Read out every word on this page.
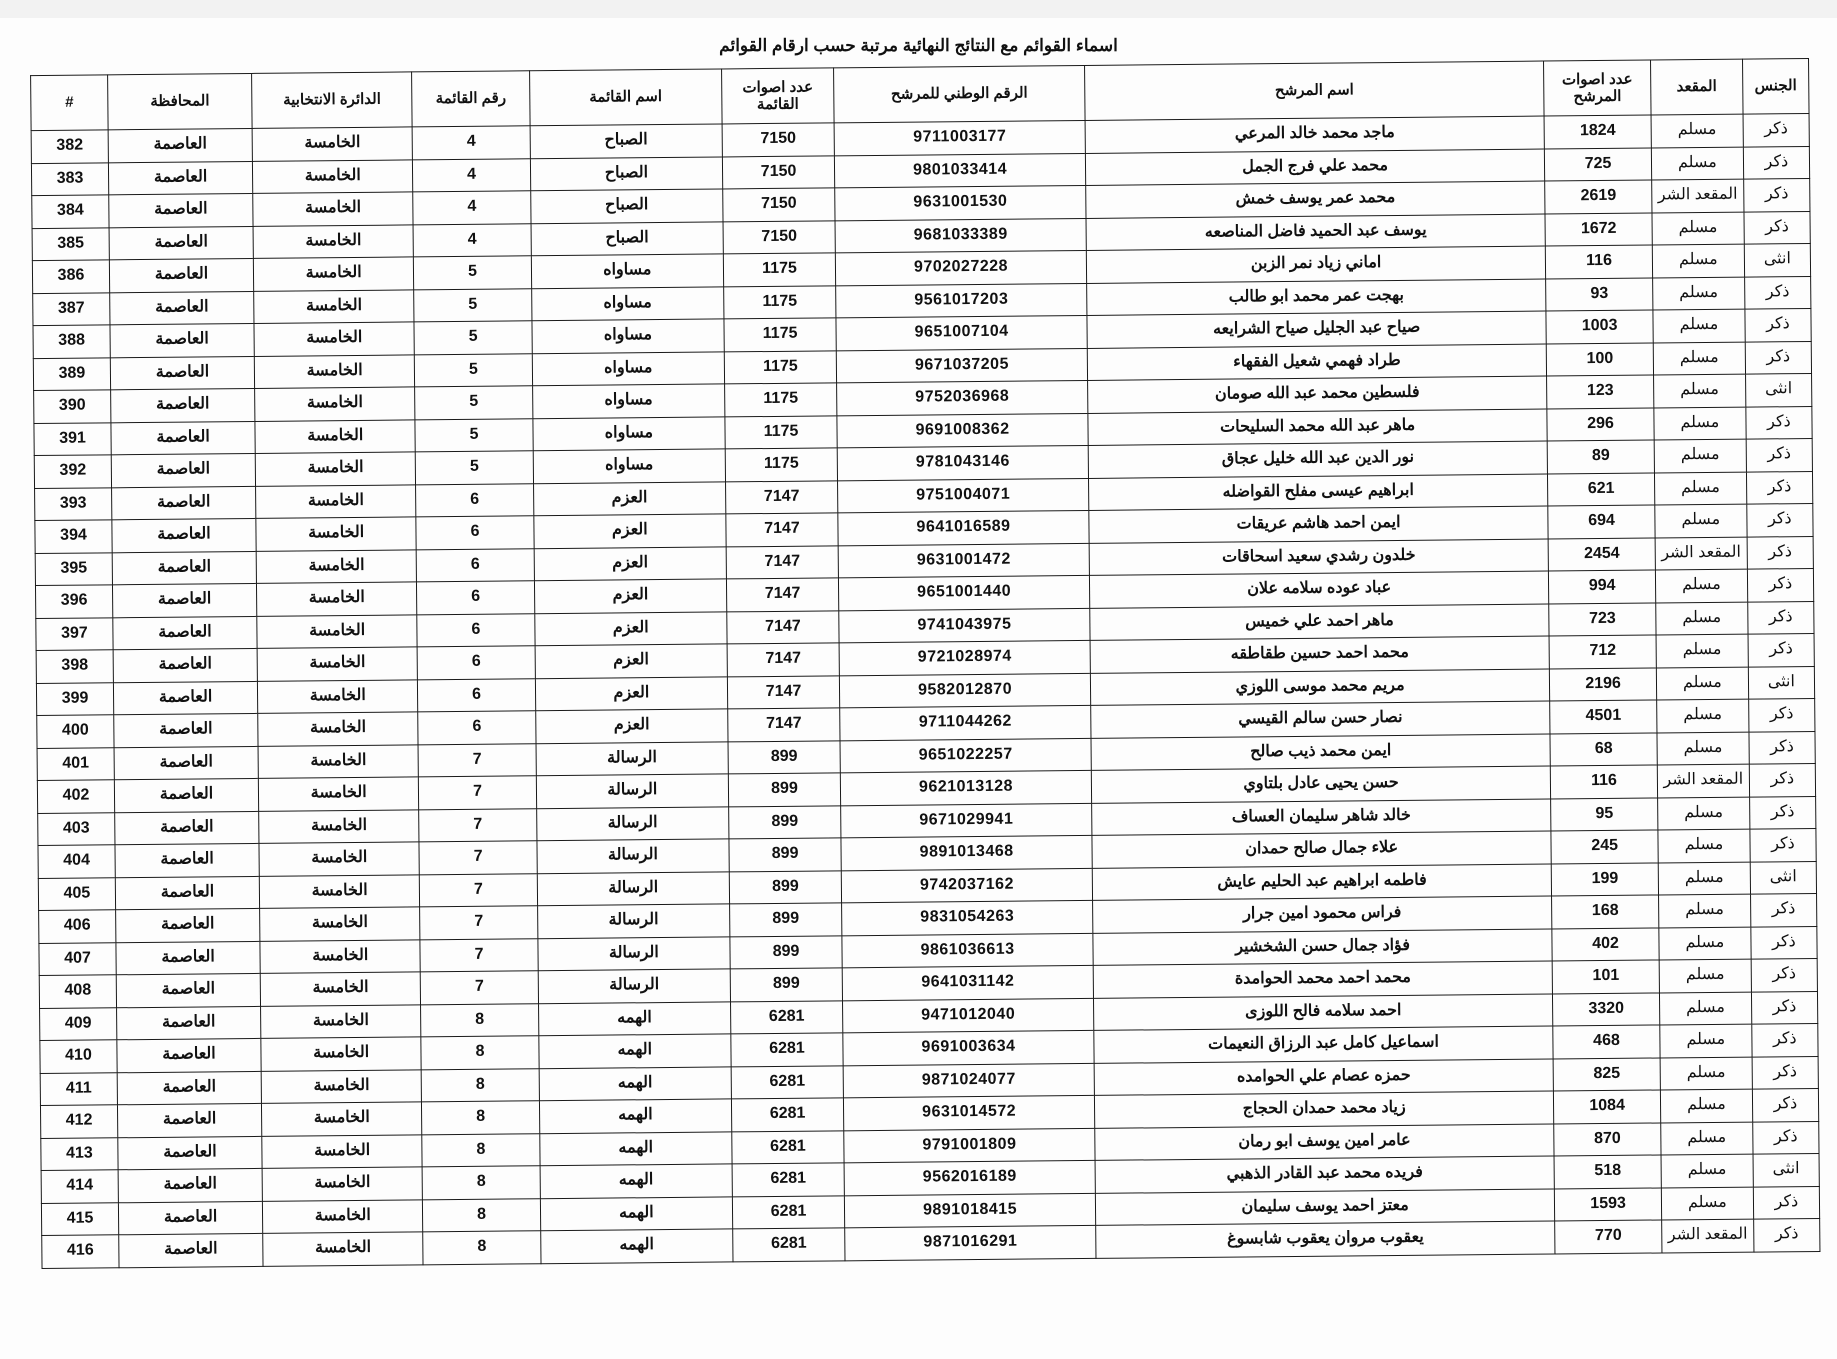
اسماء القوائم مع النتائج النهائية مرتبة حسب ارقام القوائم
الجنس	المقعد	عدد اصوات المرشح	اسم المرشح	الرقم الوطني للمرشح	عدد اصوات القائمة	اسم القائمة	رقم القائمة	الدائرة الانتخابية	المحافظة	#
ذكر	مسلم	1824	ماجد محمد خالد المرعي	9711003177	7150	الصباح	4	الخامسة	العاصمة	382
ذكر	مسلم	725	محمد علي فرج الجمل	9801033414	7150	الصباح	4	الخامسة	العاصمة	383
ذكر	المقعد الشر	2619	محمد عمر يوسف خمش	9631001530	7150	الصباح	4	الخامسة	العاصمة	384
ذكر	مسلم	1672	يوسف عبد الحميد فاضل المناصعه	9681033389	7150	الصباح	4	الخامسة	العاصمة	385
انثى	مسلم	116	اماني زياد نمر الزبن	9702027228	1175	مساواه	5	الخامسة	العاصمة	386
ذكر	مسلم	93	بهجت عمر محمد ابو طالب	9561017203	1175	مساواه	5	الخامسة	العاصمة	387
ذكر	مسلم	1003	صياح عبد الجليل صياح الشرايعه	9651007104	1175	مساواه	5	الخامسة	العاصمة	388
ذكر	مسلم	100	طراد فهمي شعيل الفقهاء	9671037205	1175	مساواه	5	الخامسة	العاصمة	389
انثى	مسلم	123	فلسطين محمد عبد الله صومان	9752036968	1175	مساواه	5	الخامسة	العاصمة	390
ذكر	مسلم	296	ماهر عبد الله محمد السليحات	9691008362	1175	مساواه	5	الخامسة	العاصمة	391
ذكر	مسلم	89	نور الدين عبد الله خليل عجاق	9781043146	1175	مساواه	5	الخامسة	العاصمة	392
ذكر	مسلم	621	ابراهيم عيسى مفلح القواضله	9751004071	7147	العزم	6	الخامسة	العاصمة	393
ذكر	مسلم	694	ايمن احمد هاشم عريقات	9641016589	7147	العزم	6	الخامسة	العاصمة	394
ذكر	المقعد الشر	2454	خلدون رشدي سعيد اسحاقات	9631001472	7147	العزم	6	الخامسة	العاصمة	395
ذكر	مسلم	994	عباد عوده سلامه علان	9651001440	7147	العزم	6	الخامسة	العاصمة	396
ذكر	مسلم	723	ماهر احمد علي خميس	9741043975	7147	العزم	6	الخامسة	العاصمة	397
ذكر	مسلم	712	محمد احمد حسين طقاطقه	9721028974	7147	العزم	6	الخامسة	العاصمة	398
انثى	مسلم	2196	مريم محمد موسى اللوزي	9582012870	7147	العزم	6	الخامسة	العاصمة	399
ذكر	مسلم	4501	نصار حسن سالم القيسي	9711044262	7147	العزم	6	الخامسة	العاصمة	400
ذكر	مسلم	68	ايمن محمد ذيب صالح	9651022257	899	الرسالة	7	الخامسة	العاصمة	401
ذكر	المقعد الشر	116	حسن يحيى عادل بلتاوي	9621013128	899	الرسالة	7	الخامسة	العاصمة	402
ذكر	مسلم	95	خالد شاهر سليمان العساف	9671029941	899	الرسالة	7	الخامسة	العاصمة	403
ذكر	مسلم	245	علاء جمال صالح حمدان	9891013468	899	الرسالة	7	الخامسة	العاصمة	404
انثى	مسلم	199	فاطمه ابراهيم عبد الحليم عايش	9742037162	899	الرسالة	7	الخامسة	العاصمة	405
ذكر	مسلم	168	فراس محمود امين جرار	9831054263	899	الرسالة	7	الخامسة	العاصمة	406
ذكر	مسلم	402	فؤاد جمال حسن الشخشير	9861036613	899	الرسالة	7	الخامسة	العاصمة	407
ذكر	مسلم	101	محمد احمد محمد الحوامدة	9641031142	899	الرسالة	7	الخامسة	العاصمة	408
ذكر	مسلم	3320	احمد سلامه فالح اللوزى	9471012040	6281	الهمه	8	الخامسة	العاصمة	409
ذكر	مسلم	468	اسماعيل كامل عبد الرزاق النعيمات	9691003634	6281	الهمه	8	الخامسة	العاصمة	410
ذكر	مسلم	825	حمزه عصام علي الحوامده	9871024077	6281	الهمه	8	الخامسة	العاصمة	411
ذكر	مسلم	1084	زياد محمد حمدان الحجاج	9631014572	6281	الهمه	8	الخامسة	العاصمة	412
ذكر	مسلم	870	عامر امين يوسف ابو رمان	9791001809	6281	الهمه	8	الخامسة	العاصمة	413
انثى	مسلم	518	فريده محمد عبد القادر الذهبي	9562016189	6281	الهمه	8	الخامسة	العاصمة	414
ذكر	مسلم	1593	معتز احمد يوسف سليمان	9891018415	6281	الهمه	8	الخامسة	العاصمة	415
ذكر	المقعد الشر	770	يعقوب مروان يعقوب شابسوغ	9871016291	6281	الهمه	8	الخامسة	العاصمة	416
